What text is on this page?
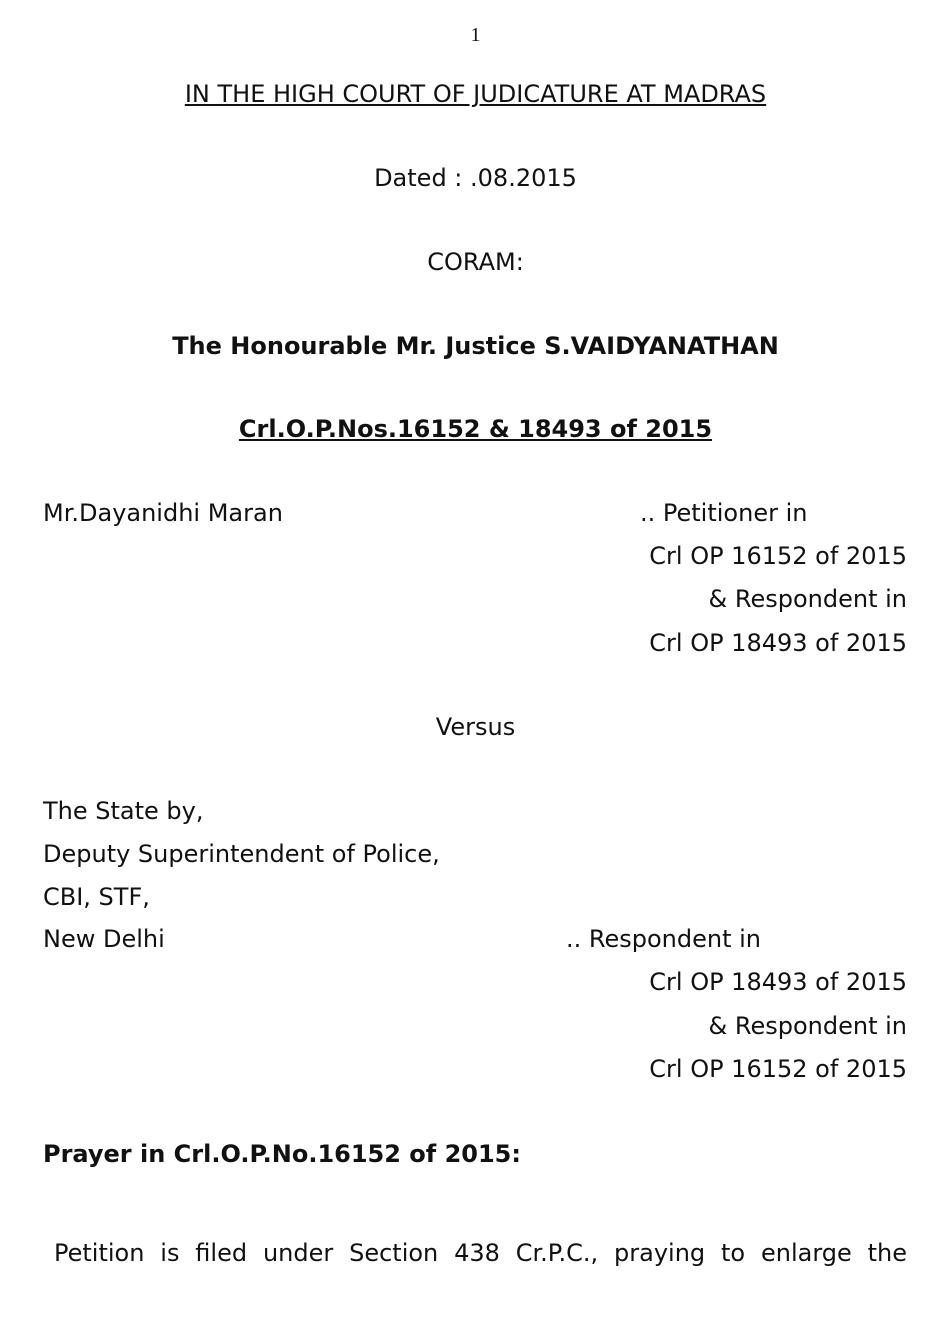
1
IN THE HIGH COURT OF JUDICATURE AT MADRAS
Dated : .08.2015
CORAM:
The Honourable Mr. Justice S.VAIDYANATHAN
Crl.O.P.Nos.16152 & 18493 of 2015
Mr.Dayanidhi Maran	.. Petitioner in
Crl OP 16152 of 2015
& Respondent in
Crl OP 18493 of 2015
Versus
The State by,
Deputy Superintendent of Police,
CBI, STF,
New Delhi	.. Respondent in
Crl OP 18493 of 2015
& Respondent in
Crl OP 16152 of 2015
Prayer in Crl.O.P.No.16152 of 2015:
Petition is filed under Section 438 Cr.P.C., praying to enlarge the
